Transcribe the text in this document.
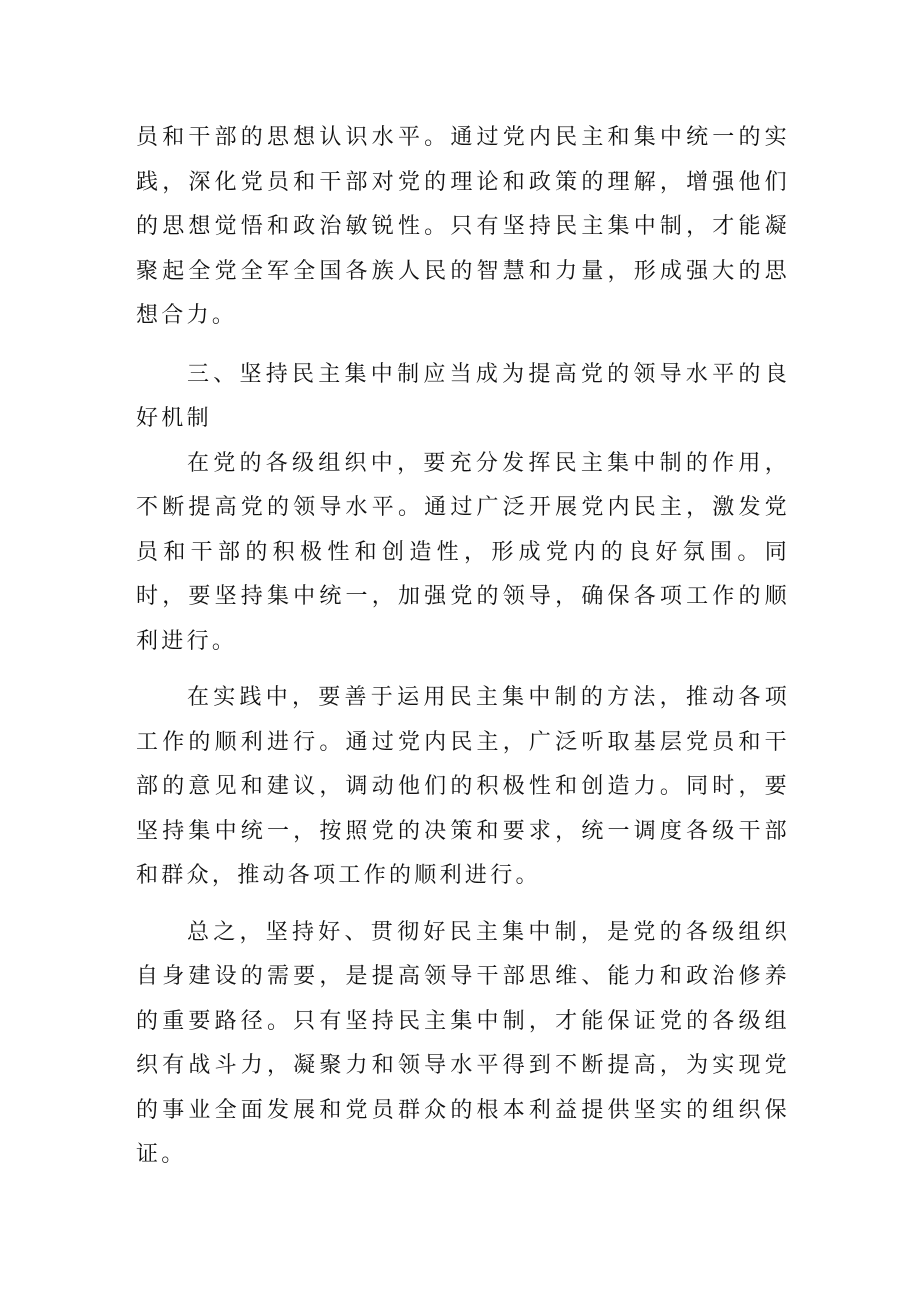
员和干部的思想认识水平。通过党内民主和集中统一的实践，深化党员和干部对党的理论和政策的理解，增强他们的思想觉悟和政治敏锐性。只有坚持民主集中制，才能凝聚起全党全军全国各族人民的智慧和力量，形成强大的思想合力。

三、坚持民主集中制应当成为提高党的领导水平的良好机制

在党的各级组织中，要充分发挥民主集中制的作用，不断提高党的领导水平。通过广泛开展党内民主，激发党员和干部的积极性和创造性，形成党内的良好氛围。同时，要坚持集中统一，加强党的领导，确保各项工作的顺利进行。

在实践中，要善于运用民主集中制的方法，推动各项工作的顺利进行。通过党内民主，广泛听取基层党员和干部的意见和建议，调动他们的积极性和创造力。同时，要坚持集中统一，按照党的决策和要求，统一调度各级干部和群众，推动各项工作的顺利进行。

总之，坚持好、贯彻好民主集中制，是党的各级组织自身建设的需要，是提高领导干部思维、能力和政治修养的重要路径。只有坚持民主集中制，才能保证党的各级组织有战斗力，凝聚力和领导水平得到不断提高，为实现党的事业全面发展和党员群众的根本利益提供坚实的组织保证。
